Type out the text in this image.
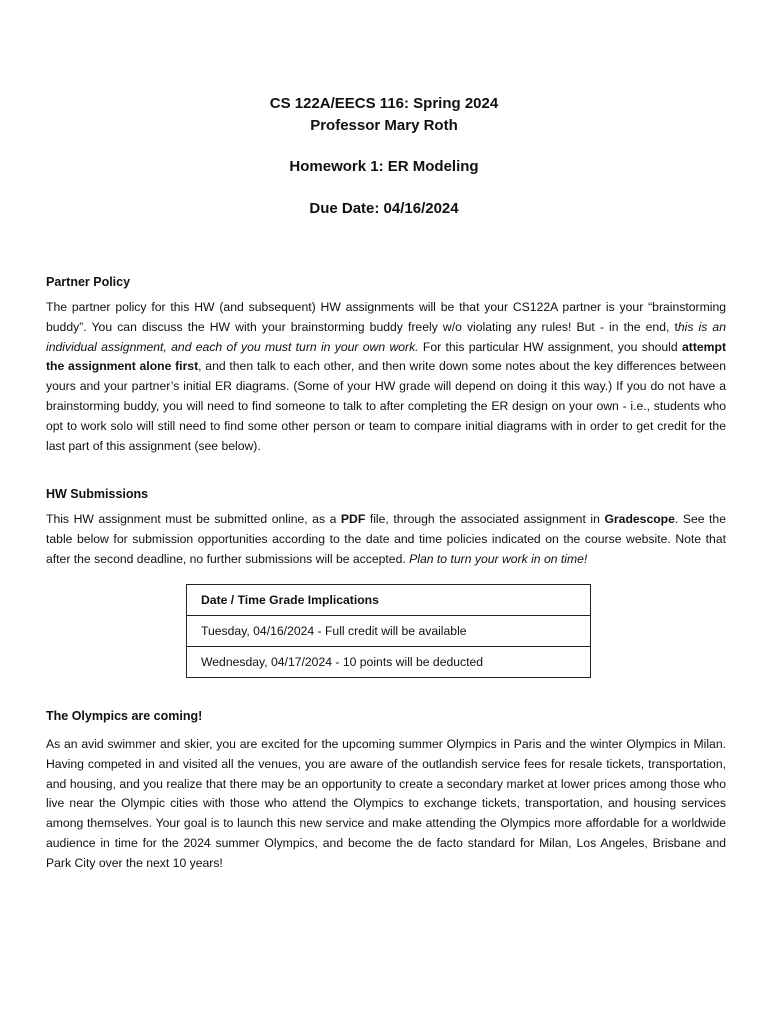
CS 122A/EECS 116: Spring 2024
Professor Mary Roth
Homework 1: ER Modeling
Due Date: 04/16/2024
Partner Policy
The partner policy for this HW (and subsequent) HW assignments will be that your CS122A partner is your “brainstorming buddy”. You can discuss the HW with your brainstorming buddy freely w/o violating any rules! But - in the end, this is an individual assignment, and each of you must turn in your own work. For this particular HW assignment, you should attempt the assignment alone first, and then talk to each other, and then write down some notes about the key differences between yours and your partner’s initial ER diagrams. (Some of your HW grade will depend on doing it this way.) If you do not have a brainstorming buddy, you will need to find someone to talk to after completing the ER design on your own - i.e., students who opt to work solo will still need to find some other person or team to compare initial diagrams with in order to get credit for the last part of this assignment (see below).
HW Submissions
This HW assignment must be submitted online, as a PDF file, through the associated assignment in Gradescope. See the table below for submission opportunities according to the date and time policies indicated on the course website. Note that after the second deadline, no further submissions will be accepted. Plan to turn your work in on time!
Date / Time Grade Implications
Tuesday, 04/16/2024 - Full credit will be available
Wednesday, 04/17/2024 - 10 points will be deducted
The Olympics are coming!
As an avid swimmer and skier, you are excited for the upcoming summer Olympics in Paris and the winter Olympics in Milan. Having competed in and visited all the venues, you are aware of the outlandish service fees for resale tickets, transportation, and housing, and you realize that there may be an opportunity to create a secondary market at lower prices among those who live near the Olympic cities with those who attend the Olympics to exchange tickets, transportation, and housing services among themselves. Your goal is to launch this new service and make attending the Olympics more affordable for a worldwide audience in time for the 2024 summer Olympics, and become the de facto standard for Milan, Los Angeles, Brisbane and Park City over the next 10 years!
